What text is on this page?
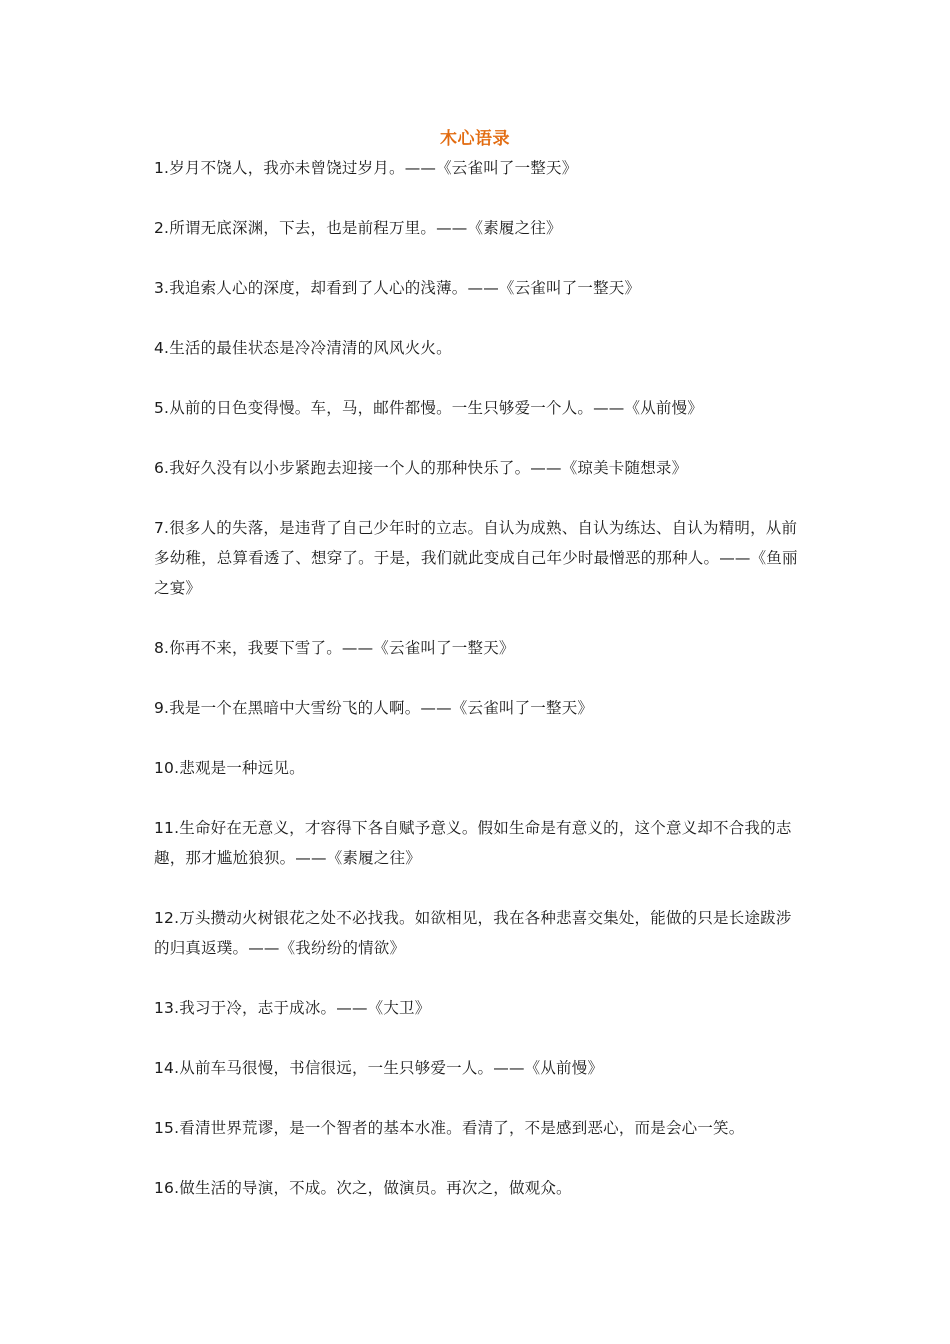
木心语录
1.岁月不饶人，我亦未曾饶过岁月。——《云雀叫了一整天》
2.所谓无底深渊，下去，也是前程万里。——《素履之往》
3.我追索人心的深度，却看到了人心的浅薄。——《云雀叫了一整天》
4.生活的最佳状态是冷冷清清的风风火火。
5.从前的日色变得慢。车，马，邮件都慢。一生只够爱一个人。——《从前慢》
6.我好久没有以小步紧跑去迎接一个人的那种快乐了。——《琼美卡随想录》
7.很多人的失落，是违背了自己少年时的立志。自认为成熟、自认为练达、自认为精明，从前多幼稚，总算看透了、想穿了。于是，我们就此变成自己年少时最憎恶的那种人。——《鱼丽之宴》
8.你再不来，我要下雪了。——《云雀叫了一整天》
9.我是一个在黑暗中大雪纷飞的人啊。——《云雀叫了一整天》
10.悲观是一种远见。
11.生命好在无意义，才容得下各自赋予意义。假如生命是有意义的，这个意义却不合我的志趣，那才尴尬狼狈。——《素履之往》
12.万头攒动火树银花之处不必找我。如欲相见，我在各种悲喜交集处，能做的只是长途跋涉的归真返璞。——《我纷纷的情欲》
13.我习于冷，志于成冰。——《大卫》
14.从前车马很慢，书信很远，一生只够爱一人。——《从前慢》
15.看清世界荒谬，是一个智者的基本水准。看清了，不是感到恶心，而是会心一笑。
16.做生活的导演，不成。次之，做演员。再次之，做观众。
